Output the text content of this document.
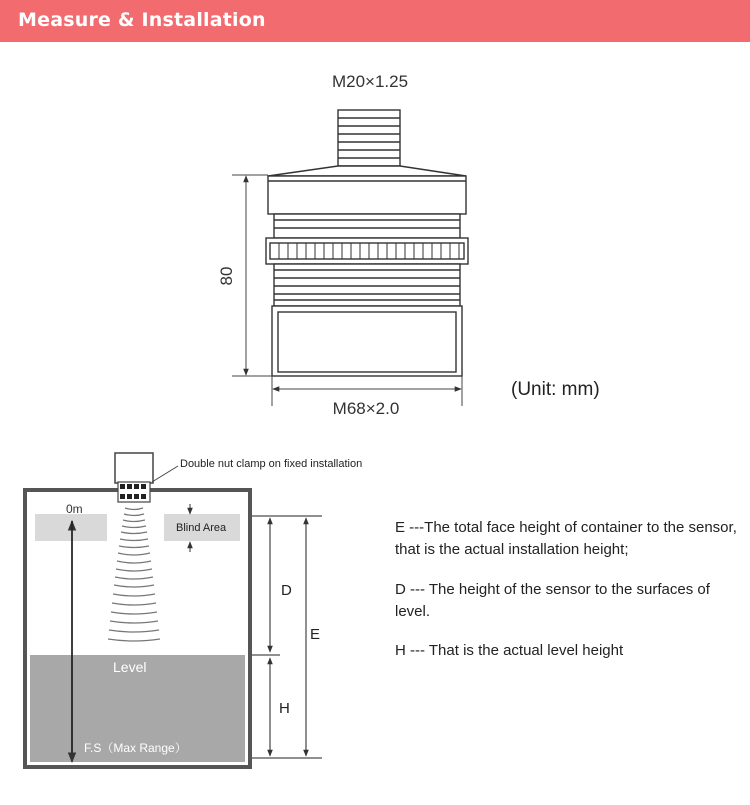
Measure & Installation
80
M68×2.0
M20×1.25
Double nut clamp on fixed installation
0m
F.S（Max Range）
Blind Area
Level
D
H
E
(Unit: mm)
E ---The total face height of container to the sensor, that is the actual installation height;
D --- The height of the sensor to the surfaces of level.
H --- That is the actual level height
